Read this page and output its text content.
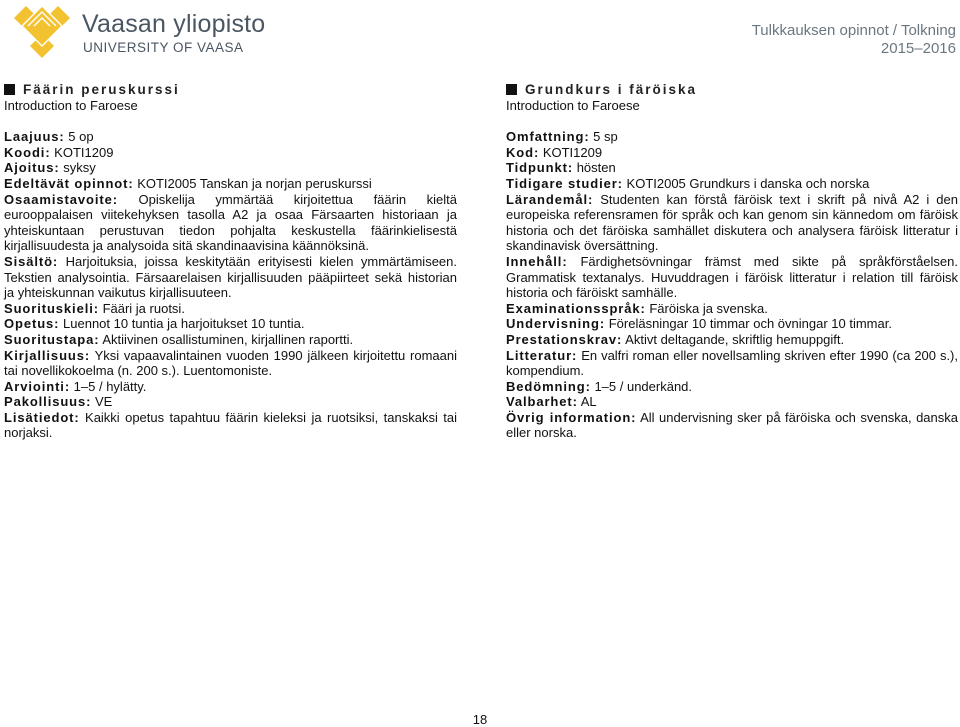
Vaasan yliopisto
UNIVERSITY OF VAASA
Tulkkauksen opinnot / Tolkning
2015–2016
Fäärin peruskurssi
Introduction to Faroese

Laajuus: 5 op

Koodi: KOTI1209

Ajoitus: syksy

Edeltävät opinnot: KOTI2005 Tanskan ja norjan peruskurssi

Osaamistavoite: Opiskelija ymmärtää kirjoitettua fäärin kieltä eurooppalaisen viitekehyksen tasolla A2 ja osaa Färsaarten historiaan ja yhteiskuntaan perustuvan tiedon pohjalta keskustella fäärinkielisestä kirjallisuudesta ja analysoida sitä skandinaavisina käännöksinä.

Sisältö: Harjoituksia, joissa keskitytään erityisesti kielen ymmärtämiseen. Tekstien analysointia. Färsaarelaisen kirjallisuuden pääpiirteet sekä historian ja yhteiskunnan vaikutus kirjallisuuteen.

Suorituskieli: Fääri ja ruotsi.

Opetus: Luennot 10 tuntia ja harjoitukset 10 tuntia.

Suoritustapa: Aktiivinen osallistuminen, kirjallinen raportti.

Kirjallisuus: Yksi vapaavalintainen vuoden 1990 jälkeen kirjoitettu romaani tai novellikokoelma (n. 200 s.). Luentomoniste.

Arviointi: 1–5 / hylätty.

Pakollisuus: VE

Lisätiedot: Kaikki opetus tapahtuu fäärin kieleksi ja ruotsiksi, tanskaksi tai norjaksi.

Grundkurs i färöiska
Introduction to Faroese

Omfattning: 5 sp

Kod: KOTI1209

Tidpunkt: hösten

Tidigare studier: KOTI2005 Grundkurs i danska och norska

Lärandemål: Studenten kan förstå färöisk text i skrift på nivå A2 i den europeiska referensramen för språk och kan genom sin kännedom om färöisk historia och det färöiska samhället diskutera och analysera färöisk litteratur i skandinavisk översättning.

Innehåll: Färdighetsövningar främst med sikte på språkförståelsen. Grammatisk textanalys. Huvuddragen i färöisk litteratur i relation till färöisk historia och färöiskt samhälle.

Examinationsspråk: Färöiska ja svenska.

Undervisning: Föreläsningar 10 timmar och övningar 10 timmar.

Prestationskrav: Aktivt deltagande, skriftlig hemuppgift.

Litteratur: En valfri roman eller novellsamling skriven efter 1990 (ca 200 s.), kompendium.

Bedömning: 1–5 / underkänd.

Valbarhet: AL

Övrig information: All undervisning sker på färöiska och svenska, danska eller norska.

18
